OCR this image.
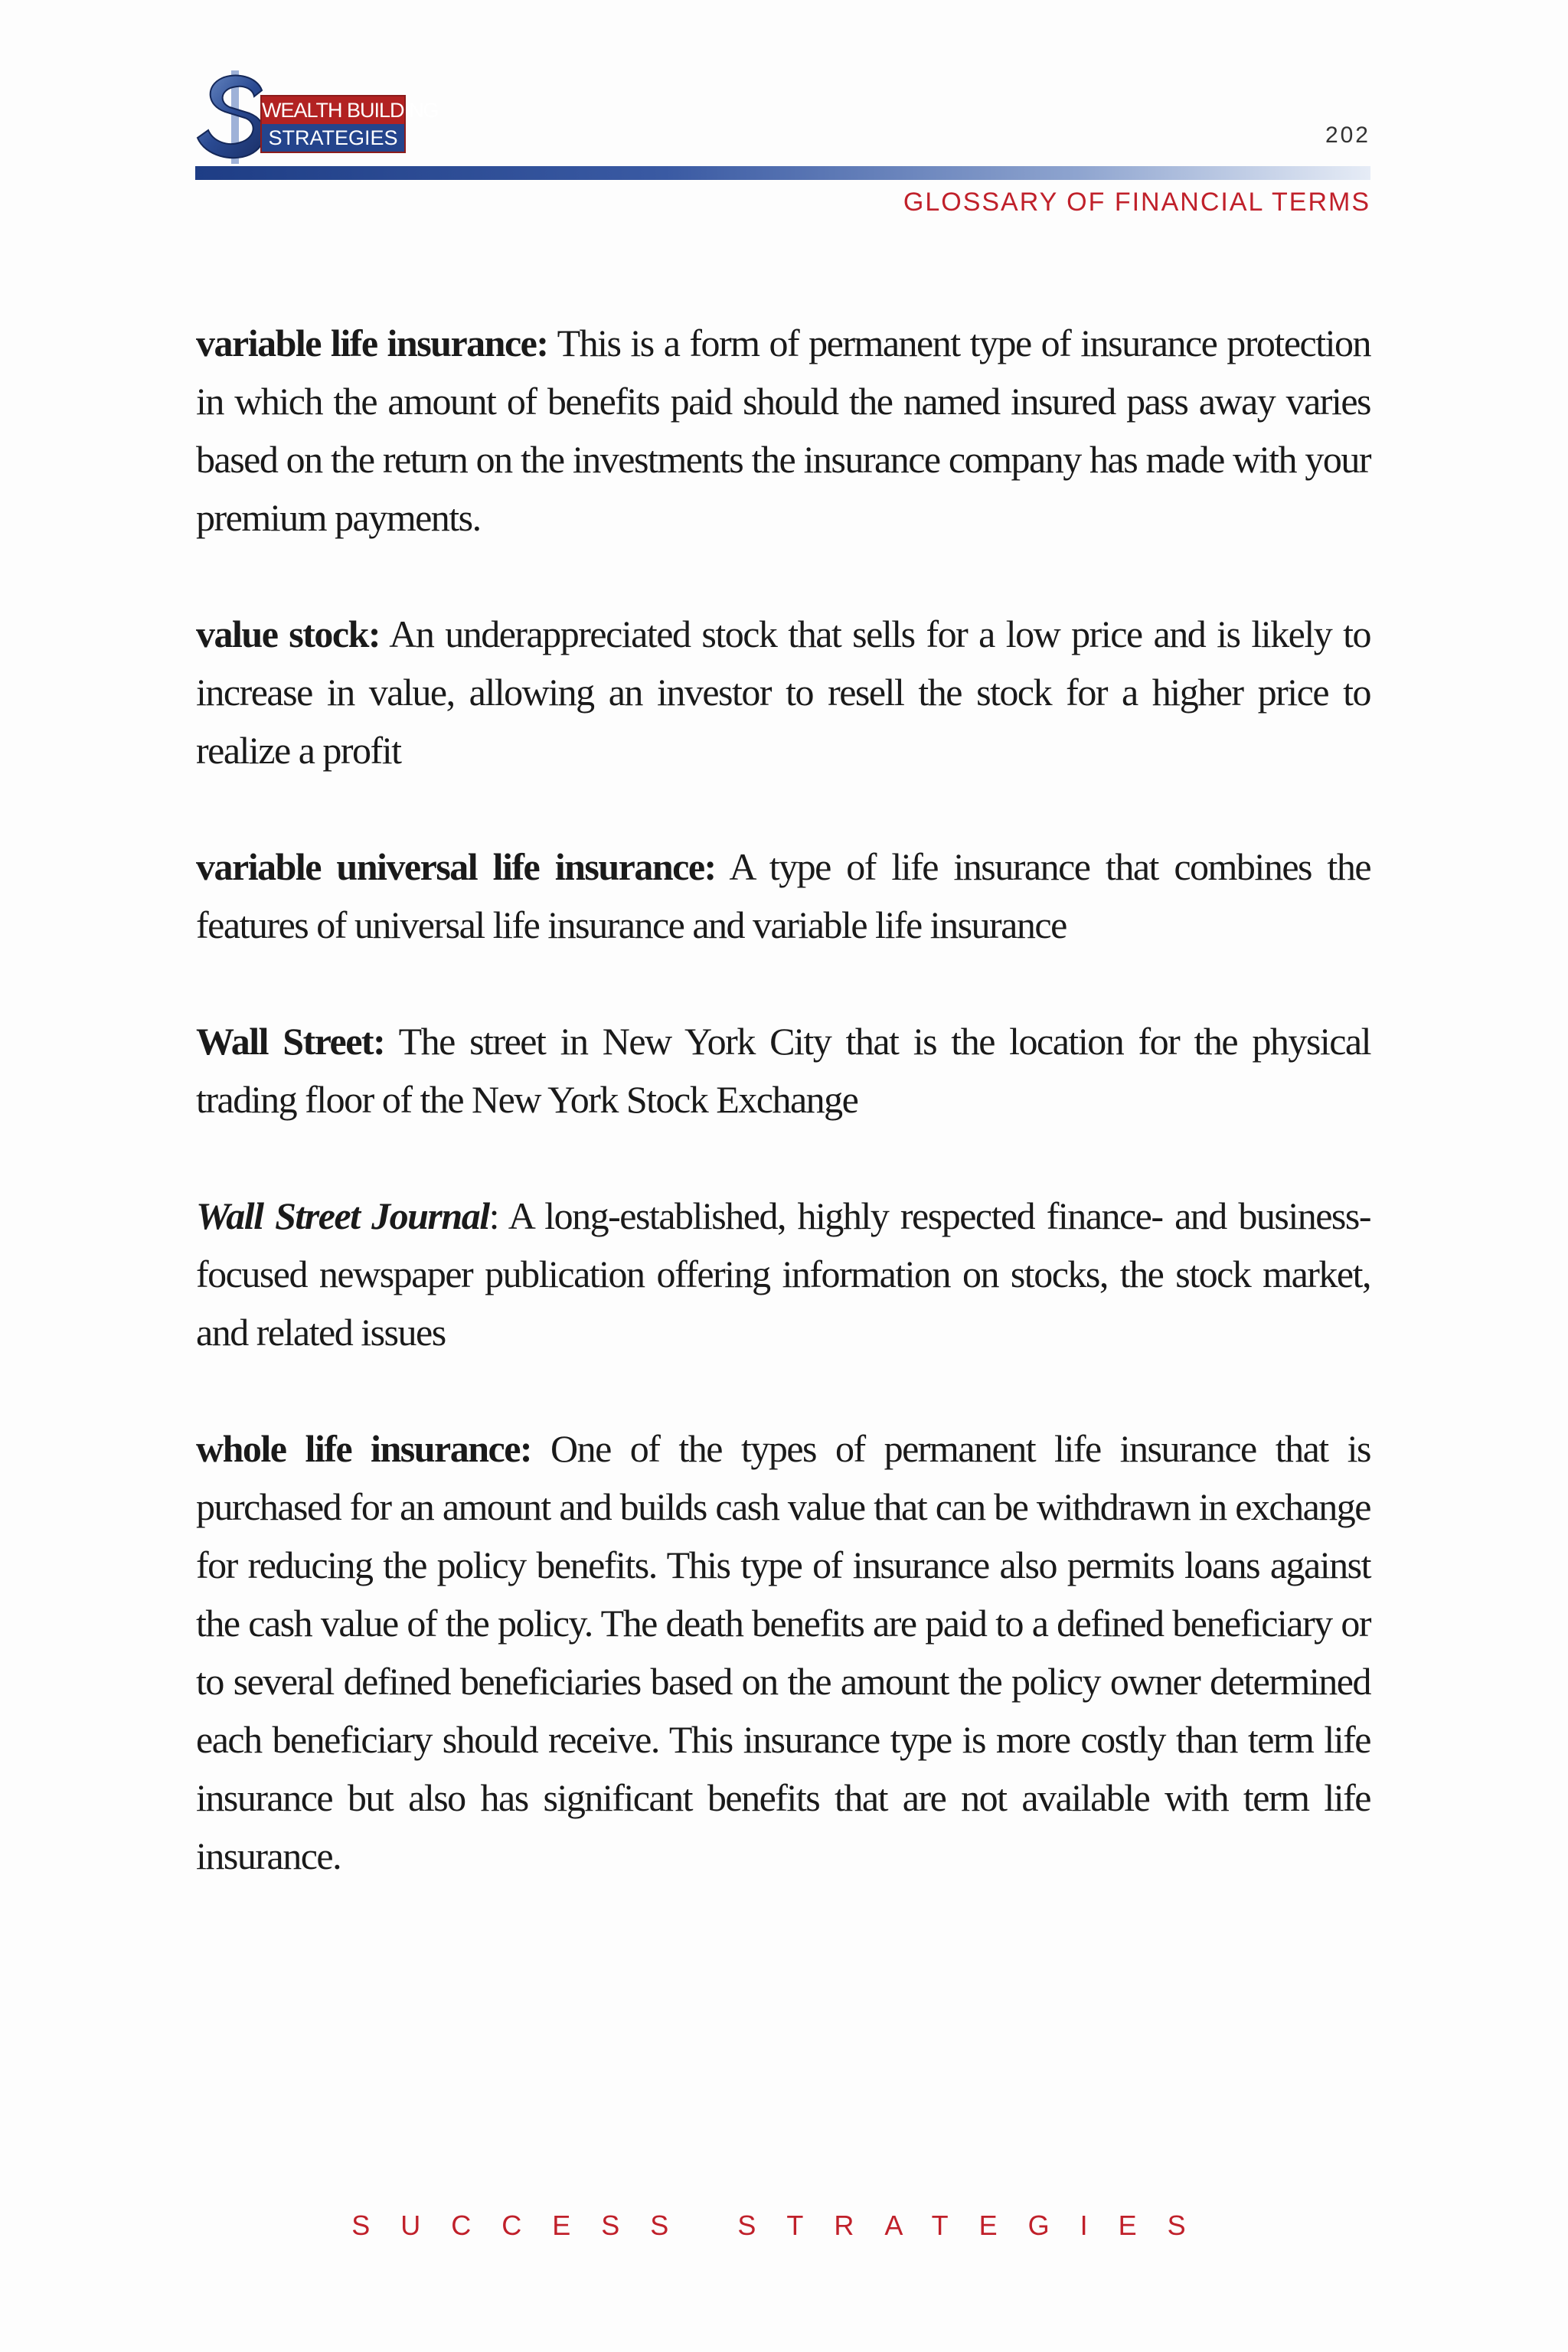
WEALTH BUILDING
STRATEGIES	202
GLOSSARY OF FINANCIAL TERMS

variable life insurance: This is a form of permanent type of insurance protection in which the amount of benefits paid should the named insured pass away varies based on the return on the investments the insurance company has made with your premium payments.

value stock: An underappreciated stock that sells for a low price and is likely to increase in value, allowing an investor to resell the stock for a higher price to realize a profit

variable universal life insurance: A type of life insurance that combines the features of universal life insurance and variable life insurance

Wall Street: The street in New York City that is the location for the physical trading floor of the New York Stock Exchange

Wall Street Journal: A long-established, highly respected finance- and business-focused newspaper publication offering information on stocks, the stock market, and related issues

whole life insurance: One of the types of permanent life insurance that is purchased for an amount and builds cash value that can be withdrawn in exchange for reducing the policy benefits. This type of insurance also permits loans against the cash value of the policy. The death benefits are paid to a defined beneficiary or to several defined beneficiaries based on the amount the policy owner determined each beneficiary should receive. This insurance type is more costly than term life insurance but also has significant benefits that are not available with term life insurance.

SUCCESS STRATEGIES
